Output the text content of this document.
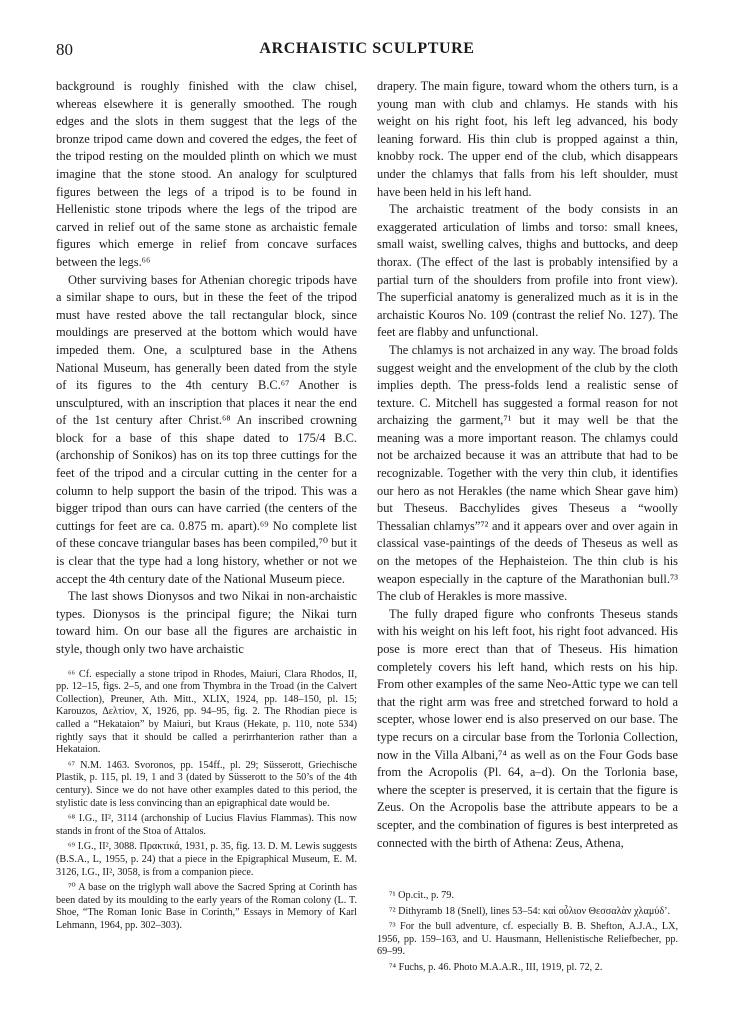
80	ARCHAISTIC SCULPTURE

background is roughly finished with the claw chisel, whereas elsewhere it is generally smoothed. The rough edges and the slots in them suggest that the legs of the bronze tripod came down and covered the edges, the feet of the tripod resting on the moulded plinth on which we must imagine that the stone stood. An analogy for sculptured figures between the legs of a tripod is to be found in Hellenistic stone tripods where the legs of the tripod are carved in relief out of the same stone as archaistic female figures which emerge in relief from concave surfaces between the legs.⁶⁶

Other surviving bases for Athenian choregic tripods have a similar shape to ours, but in these the feet of the tripod must have rested above the tall rectangular block, since mouldings are preserved at the bottom which would have impeded them. One, a sculptured base in the Athens National Museum, has generally been dated from the style of its figures to the 4th century B.C.⁶⁷ Another is unsculptured, with an inscription that places it near the end of the 1st century after Christ.⁶⁸ An inscribed crowning block for a base of this shape dated to 175/4 B.C. (archonship of Sonikos) has on its top three cuttings for the feet of the tripod and a circular cutting in the center for a column to help support the basin of the tripod. This was a bigger tripod than ours can have carried (the centers of the cuttings for feet are ca. 0.875 m. apart).⁶⁹ No complete list of these concave triangular bases has been compiled,⁷⁰ but it is clear that the type had a long history, whether or not we accept the 4th century date of the National Museum piece.

The last shows Dionysos and two Nikai in non-archaistic types. Dionysos is the principal figure; the Nikai turn toward him. On our base all the figures are archaistic in style, though only two have archaistic

⁶⁶ Cf. especially a stone tripod in Rhodes, Maiuri, Clara Rhodos, II, pp. 12–15, figs. 2–5, and one from Thymbra in the Troad (in the Calvert Collection), Preuner, Ath. Mitt., XLIX, 1924, pp. 148–150, pl. 15; Karouzos, Δελτίον, X, 1926, pp. 94–95, fig. 2. The Rhodian piece is called a “Hekataion” by Maiuri, but Kraus (Hekate, p. 110, note 534) rightly says that it should be called a perirrhanterion rather than a Hekataion.

⁶⁷ N.M. 1463. Svoronos, pp. 154ff., pl. 29; Süsserott, Griechische Plastik, p. 115, pl. 19, 1 and 3 (dated by Süsserott to the 50’s of the 4th century). Since we do not have other examples dated to this period, the stylistic date is less convincing than an epigraphical date would be.

⁶⁸ I.G., II², 3114 (archonship of Lucius Flavius Flammas). This now stands in front of the Stoa of Attalos.

⁶⁹ I.G., II², 3088. Πρακτικά, 1931, p. 35, fig. 13. D. M. Lewis suggests (B.S.A., L, 1955, p. 24) that a piece in the Epigraphical Museum, E. M. 3126, I.G., II², 3058, is from a companion piece.

⁷⁰ A base on the triglyph wall above the Sacred Spring at Corinth has been dated by its moulding to the early years of the Roman colony (L. T. Shoe, “The Roman Ionic Base in Corinth,” Essays in Memory of Karl Lehmann, 1964, pp. 302–303).

drapery. The main figure, toward whom the others turn, is a young man with club and chlamys. He stands with his weight on his right foot, his left leg advanced, his body leaning forward. His thin club is propped against a thin, knobby rock. The upper end of the club, which disappears under the chlamys that falls from his left shoulder, must have been held in his left hand.

The archaistic treatment of the body consists in an exaggerated articulation of limbs and torso: small knees, small waist, swelling calves, thighs and buttocks, and deep thorax. (The effect of the last is probably intensified by a partial turn of the shoulders from profile into front view). The superficial anatomy is generalized much as it is in the archaistic Kouros No. 109 (contrast the relief No. 127). The feet are flabby and unfunctional.

The chlamys is not archaized in any way. The broad folds suggest weight and the envelopment of the club by the cloth implies depth. The press-folds lend a realistic sense of texture. C. Mitchell has suggested a formal reason for not archaizing the garment,⁷¹ but it may well be that the meaning was a more important reason. The chlamys could not be archaized because it was an attribute that had to be recognizable. Together with the very thin club, it identifies our hero as not Herakles (the name which Shear gave him) but Theseus. Bacchylides gives Theseus a “woolly Thessalian chlamys”⁷² and it appears over and over again in classical vase-paintings of the deeds of Theseus as well as on the metopes of the Hephaisteion. The thin club is his weapon especially in the capture of the Marathonian bull.⁷³ The club of Herakles is more massive.

The fully draped figure who confronts Theseus stands with his weight on his left foot, his right foot advanced. His pose is more erect than that of Theseus. His himation completely covers his left hand, which rests on his hip. From other examples of the same Neo-Attic type we can tell that the right arm was free and stretched forward to hold a scepter, whose lower end is also preserved on our base. The type recurs on a circular base from the Torlonia Collection, now in the Villa Albani,⁷⁴ as well as on the Four Gods base from the Acropolis (Pl. 64, a–d). On the Torlonia base, where the scepter is preserved, it is certain that the figure is Zeus. On the Acropolis base the attribute appears to be a scepter, and the combination of figures is best interpreted as connected with the birth of Athena: Zeus, Athena,

⁷¹ Op.cit., p. 79.

⁷² Dithyramb 18 (Snell), lines 53–54: καὶ οὖλιον Θεσσαλὰν χλαμύδ’.

⁷³ For the bull adventure, cf. especially B. B. Shefton, A.J.A., LX, 1956, pp. 159–163, and U. Hausmann, Hellenistische Reliefbecher, pp. 69–99.

⁷⁴ Fuchs, p. 46. Photo M.A.A.R., III, 1919, pl. 72, 2.
